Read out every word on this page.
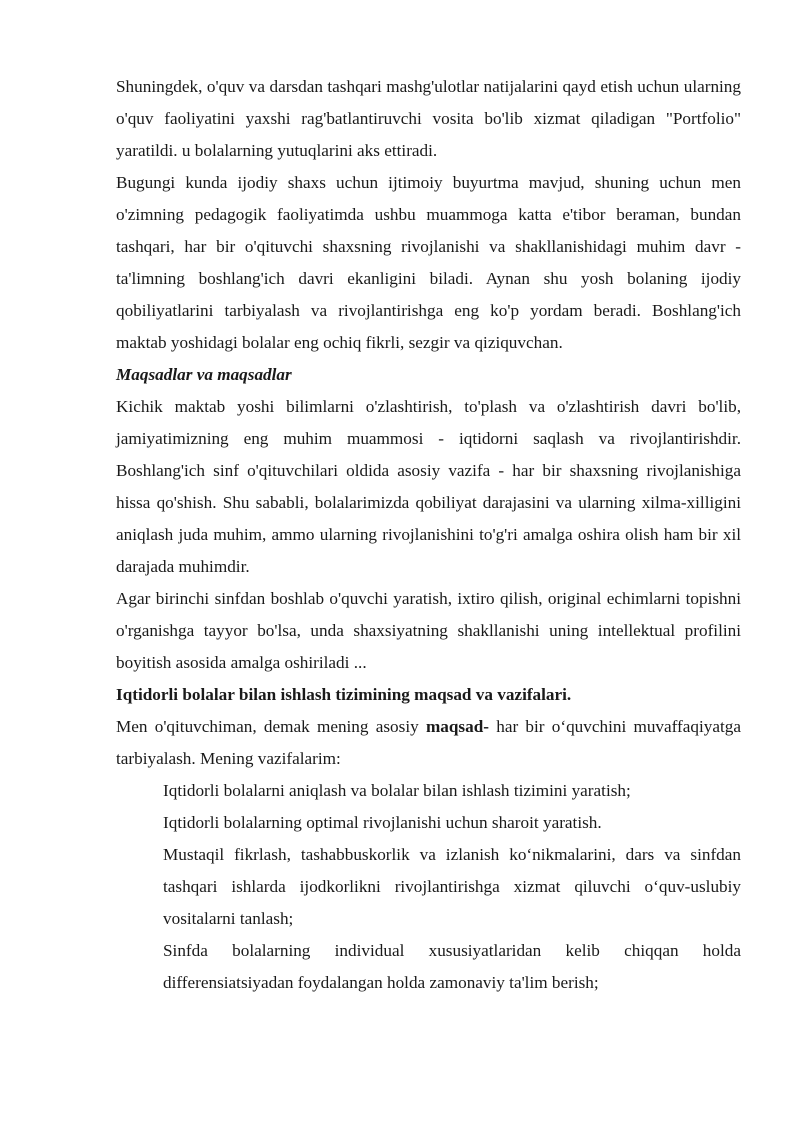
Shuningdek, o'quv va darsdan tashqari mashg'ulotlar natijalarini qayd etish uchun ularning o'quv faoliyatini yaxshi rag'batlantiruvchi vosita bo'lib xizmat qiladigan "Portfolio" yaratildi. u bolalarning yutuqlarini aks ettiradi.

Bugungi kunda ijodiy shaxs uchun ijtimoiy buyurtma mavjud, shuning uchun men o'zimning pedagogik faoliyatimda ushbu muammoga katta e'tibor beraman, bundan tashqari, har bir o'qituvchi shaxsning rivojlanishi va shakllanishidagi muhim davr - ta'limning boshlang'ich davri ekanligini biladi. Aynan shu yosh bolaning ijodiy qobiliyatlarini tarbiyalash va rivojlantirishga eng ko'p yordam beradi. Boshlang'ich maktab yoshidagi bolalar eng ochiq fikrli, sezgir va qiziquvchan.

Maqsadlar va maqsadlar

Kichik maktab yoshi bilimlarni o'zlashtirish, to'plash va o'zlashtirish davri bo'lib, jamiyatimizning eng muhim muammosi - iqtidorni saqlash va rivojlantirishdir. Boshlang'ich sinf o'qituvchilari oldida asosiy vazifa - har bir shaxsning rivojlanishiga hissa qo'shish. Shu sababli, bolalarimizda qobiliyat darajasini va ularning xilma-xilligini aniqlash juda muhim, ammo ularning rivojlanishini to'g'ri amalga oshira olish ham bir xil darajada muhimdir.

Agar birinchi sinfdan boshlab o'quvchi yaratish, ixtiro qilish, original echimlarni topishni o'rganishga tayyor bo'lsa, unda shaxsiyatning shakllanishi uning intellektual profilini boyitish asosida amalga oshiriladi ...

Iqtidorli bolalar bilan ishlash tizimining maqsad va vazifalari.

Men o'qituvchiman, demak mening asosiy maqsad- har bir o‘quvchini muvaffaqiyatga tarbiyalash. Mening vazifalarim:

Iqtidorli bolalarni aniqlash va bolalar bilan ishlash tizimini yaratish;
Iqtidorli bolalarning optimal rivojlanishi uchun sharoit yaratish.
Mustaqil fikrlash, tashabbuskorlik va izlanish ko‘nikmalarini, dars va sinfdan tashqari ishlarda ijodkorlikni rivojlantirishga xizmat qiluvchi o‘quv-uslubiy vositalarni tanlash;
Sinfda bolalarning individual xususiyatlaridan kelib chiqqan holda differensiatsiyadan foydalangan holda zamonaviy ta'lim berish;
